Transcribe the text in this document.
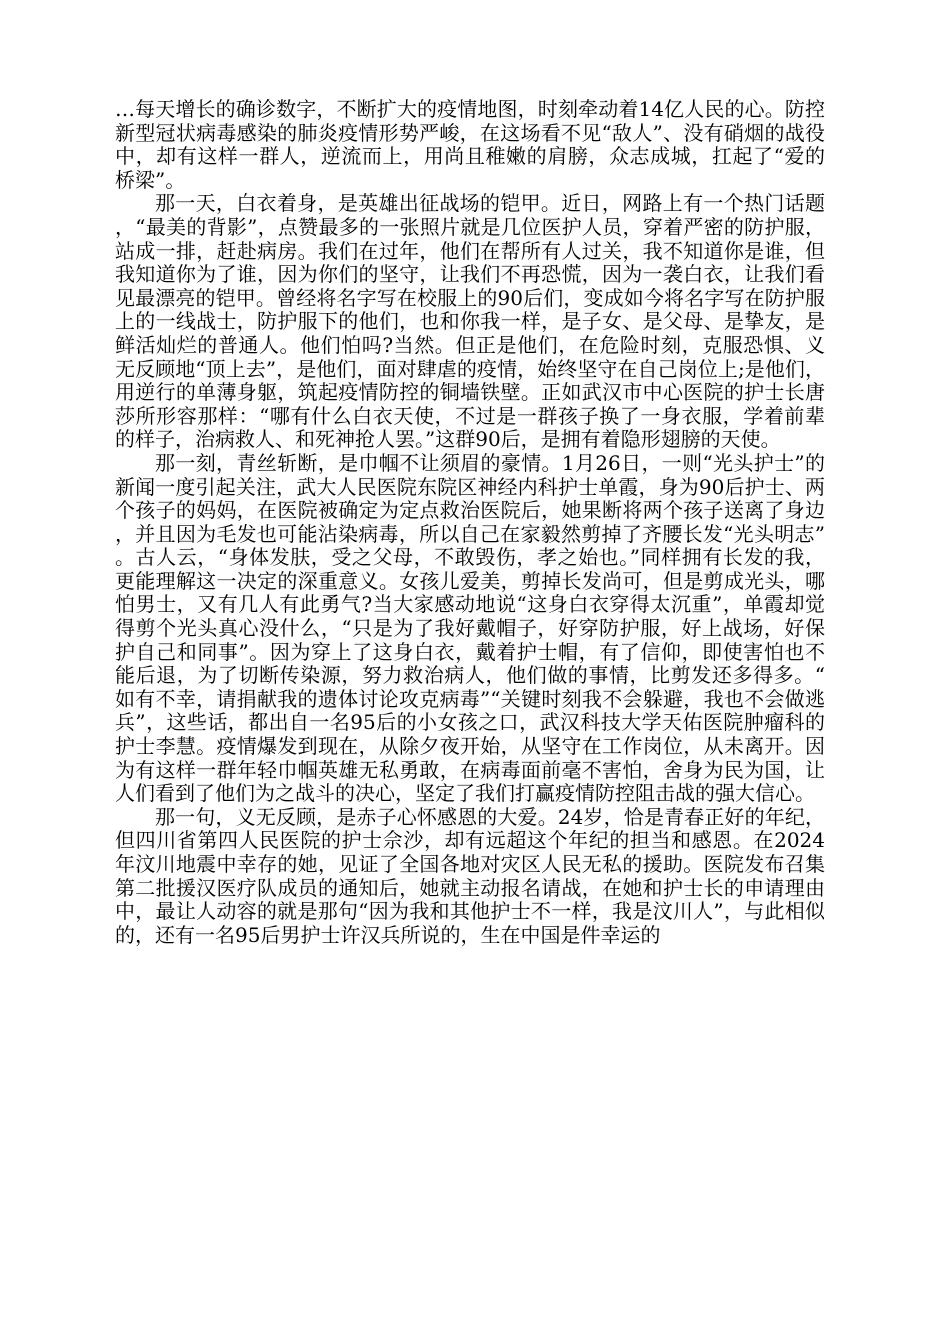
…每天增长的确诊数字，不断扩大的疫情地图，时刻牵动着14亿人民的心。防控新型冠状病毒感染的肺炎疫情形势严峻，在这场看不见“敌人”、没有硝烟的战役中，却有这样一群人，逆流而上，用尚且稚嫩的肩膀，众志成城，扛起了“爱的桥梁”。

那一天，白衣着身，是英雄出征战场的铠甲。近日，网路上有一个热门话题，“最美的背影”，点赞最多的一张照片就是几位医护人员，穿着严密的防护服，站成一排，赶赴病房。我们在过年，他们在帮所有人过关，我不知道你是谁，但我知道你为了谁，因为你们的坚守，让我们不再恐慌，因为一袭白衣，让我们看见最漂亮的铠甲。曾经将名字写在校服上的90后们，变成如今将名字写在防护服上的一线战士，防护服下的他们，也和你我一样，是子女、是父母、是挚友，是鲜活灿烂的普通人。他们怕吗?当然。但正是他们，在危险时刻，克服恐惧、义无反顾地“顶上去”，是他们，面对肆虐的疫情，始终坚守在自己岗位上;是他们，用逆行的单薄身躯，筑起疫情防控的铜墙铁壁。正如武汉市中心医院的护士长唐莎所形容那样：“哪有什么白衣天使，不过是一群孩子换了一身衣服，学着前辈的样子，治病救人、和死神抢人罢。”这群90后，是拥有着隐形翅膀的天使。

那一刻，青丝斩断，是巾帼不让须眉的豪情。1月26日，一则“光头护士”的新闻一度引起关注，武大人民医院东院区神经内科护士单霞，身为90后护士、两个孩子的妈妈，在医院被确定为定点救治医院后，她果断将两个孩子送离了身边，并且因为毛发也可能沾染病毒，所以自己在家毅然剪掉了齐腰长发“光头明志”。古人云，“身体发肤，受之父母，不敢毁伤，孝之始也。”同样拥有长发的我，更能理解这一决定的深重意义。女孩儿爱美，剪掉长发尚可，但是剪成光头，哪怕男士，又有几人有此勇气?当大家感动地说“这身白衣穿得太沉重”，单霞却觉得剪个光头真心没什么，“只是为了我好戴帽子，好穿防护服，好上战场，好保护自己和同事”。因为穿上了这身白衣，戴着护士帽，有了信仰，即使害怕也不能后退，为了切断传染源，努力救治病人，他们做的事情，比剪发还多得多。“如有不幸，请捐献我的遗体讨论攻克病毒”“关键时刻我不会躲避，我也不会做逃兵”，这些话，都出自一名95后的小女孩之口，武汉科技大学天佑医院肿瘤科的护士李慧。疫情爆发到现在，从除夕夜开始，从坚守在工作岗位，从未离开。因为有这样一群年轻巾帼英雄无私勇敢，在病毒面前毫不害怕，舍身为民为国，让人们看到了他们为之战斗的决心，坚定了我们打赢疫情防控阻击战的强大信心。

那一句，义无反顾，是赤子心怀感恩的大爱。24岁，恰是青春正好的年纪，但四川省第四人民医院的护士佘沙，却有远超这个年纪的担当和感恩。在2024年汶川地震中幸存的她，见证了全国各地对灾区人民无私的援助。医院发布召集第二批援汉医疗队成员的通知后，她就主动报名请战，在她和护士长的申请理由中，最让人动容的就是那句“因为我和其他护士不一样，我是汶川人”，与此相似的，还有一名95后男护士许汉兵所说的，生在中国是件幸运的
